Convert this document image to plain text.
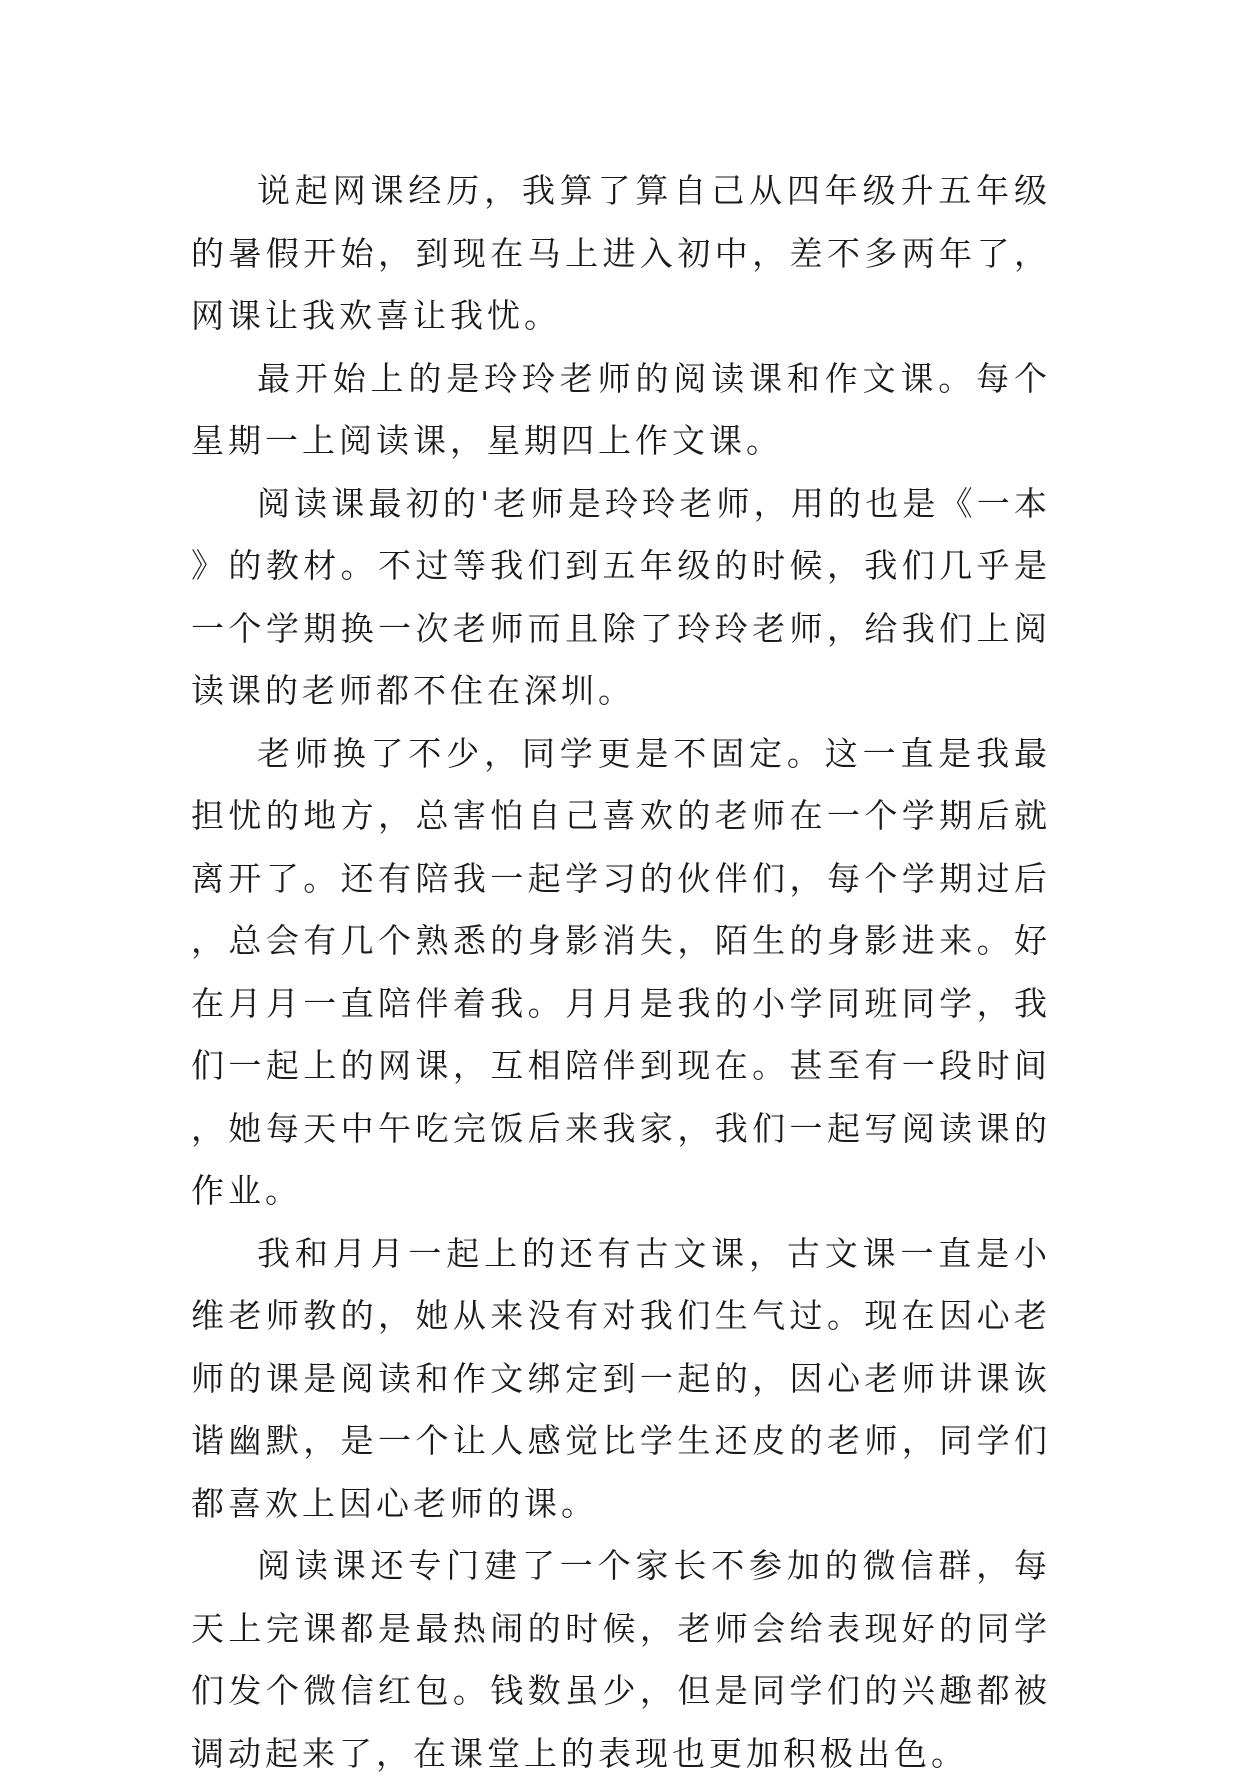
说起网课经历，我算了算自己从四年级升五年级的暑假开始，到现在马上进入初中，差不多两年了，网课让我欢喜让我忧。

最开始上的是玲玲老师的阅读课和作文课。每个星期一上阅读课，星期四上作文课。

阅读课最初的'老师是玲玲老师，用的也是《一本》的教材。不过等我们到五年级的时候，我们几乎是一个学期换一次老师而且除了玲玲老师，给我们上阅读课的老师都不住在深圳。

老师换了不少，同学更是不固定。这一直是我最担忧的地方，总害怕自己喜欢的老师在一个学期后就离开了。还有陪我一起学习的伙伴们，每个学期过后，总会有几个熟悉的身影消失，陌生的身影进来。好在月月一直陪伴着我。月月是我的小学同班同学，我们一起上的网课，互相陪伴到现在。甚至有一段时间，她每天中午吃完饭后来我家，我们一起写阅读课的作业。

我和月月一起上的还有古文课，古文课一直是小维老师教的，她从来没有对我们生气过。现在因心老师的课是阅读和作文绑定到一起的，因心老师讲课诙谐幽默，是一个让人感觉比学生还皮的老师，同学们都喜欢上因心老师的课。

阅读课还专门建了一个家长不参加的微信群，每天上完课都是最热闹的时候，老师会给表现好的同学们发个微信红包。钱数虽少，但是同学们的兴趣都被调动起来了，在课堂上的表现也更加积极出色。
